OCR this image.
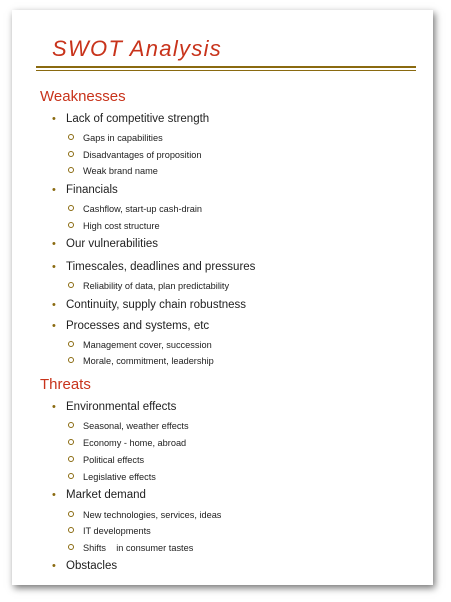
SWOT Analysis
Weaknesses
• Lack of competitive strength
Gaps in capabilities
Disadvantages of proposition
Weak brand name
• Financials
Cashflow, start-up cash-drain
High cost structure
• Our vulnerabilities
• Timescales, deadlines and pressures
Reliability of data, plan predictability
• Continuity, supply chain robustness
• Processes and systems, etc
Management cover, succession
Morale, commitment, leadership
Threats
• Environmental effects
Seasonal, weather effects
Economy - home, abroad
Political effects
Legislative effects
• Market demand
New technologies, services, ideas
IT developments
Shifts    in consumer tastes
• Obstacles
